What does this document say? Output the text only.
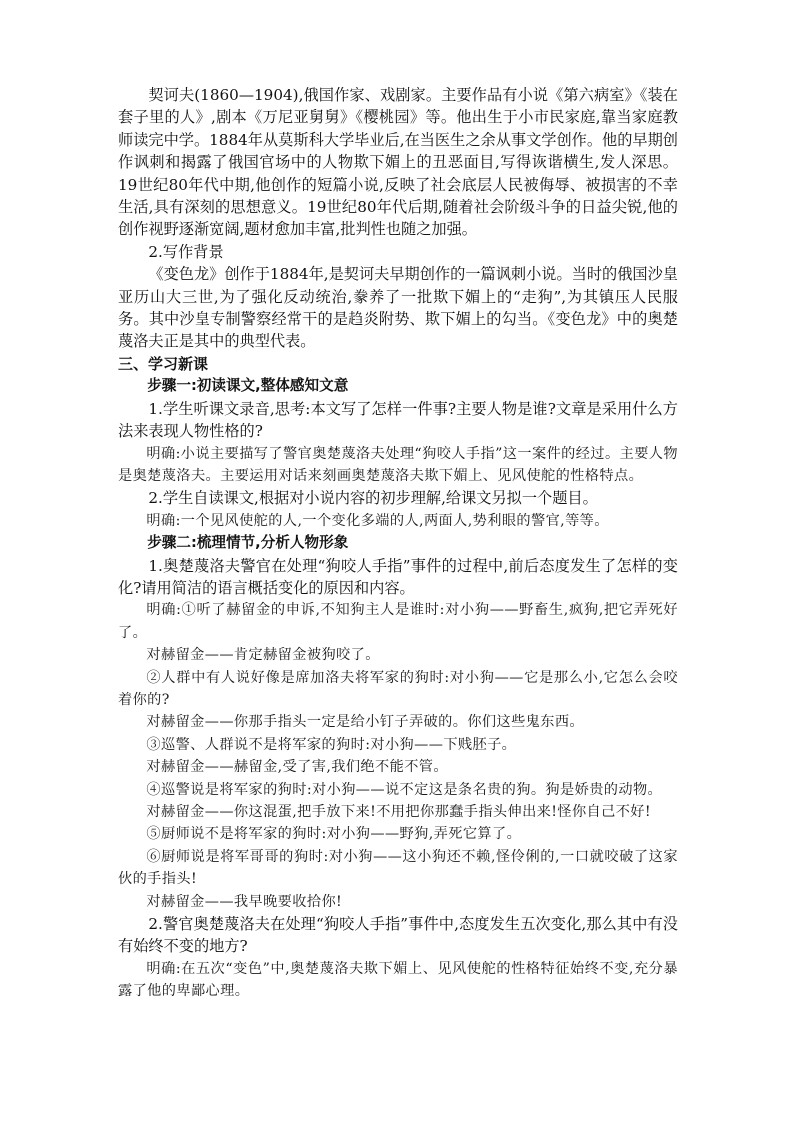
契诃夫(1860—1904),俄国作家、戏剧家。主要作品有小说《第六病室》《装在套子里的人》,剧本《万尼亚舅舅》《樱桃园》等。他出生于小市民家庭,靠当家庭教师读完中学。1884年从莫斯科大学毕业后,在当医生之余从事文学创作。他的早期创作讽刺和揭露了俄国官场中的人物欺下媚上的丑恶面目,写得诙谐横生,发人深思。19世纪80年代中期,他创作的短篇小说,反映了社会底层人民被侮辱、被损害的不幸生活,具有深刻的思想意义。19世纪80年代后期,随着社会阶级斗争的日益尖锐,他的创作视野逐渐宽阔,题材愈加丰富,批判性也随之加强。

2.写作背景

《变色龙》创作于1884年,是契诃夫早期创作的一篇讽刺小说。当时的俄国沙皇亚历山大三世,为了强化反动统治,豢养了一批欺下媚上的“走狗”,为其镇压人民服务。其中沙皇专制警察经常干的是趋炎附势、欺下媚上的勾当。《变色龙》中的奥楚蔑洛夫正是其中的典型代表。

三、学习新课

步骤一:初读课文,整体感知文意

1.学生听课文录音,思考:本文写了怎样一件事?主要人物是谁?文章是采用什么方法来表现人物性格的?

明确:小说主要描写了警官奥楚蔑洛夫处理“狗咬人手指”这一案件的经过。主要人物是奥楚蔑洛夫。主要运用对话来刻画奥楚蔑洛夫欺下媚上、见风使舵的性格特点。

2.学生自读课文,根据对小说内容的初步理解,给课文另拟一个题目。

明确:一个见风使舵的人,一个变化多端的人,两面人,势利眼的警官,等等。

步骤二:梳理情节,分析人物形象

1.奥楚蔑洛夫警官在处理“狗咬人手指”事件的过程中,前后态度发生了怎样的变化?请用简洁的语言概括变化的原因和内容。

明确:①听了赫留金的申诉,不知狗主人是谁时:对小狗——野畜生,疯狗,把它弄死好了。

对赫留金——肯定赫留金被狗咬了。

②人群中有人说好像是席加洛夫将军家的狗时:对小狗——它是那么小,它怎么会咬着你的?

对赫留金——你那手指头一定是给小钉子弄破的。你们这些鬼东西。

③巡警、人群说不是将军家的狗时:对小狗——下贱胚子。

对赫留金——赫留金,受了害,我们绝不能不管。

④巡警说是将军家的狗时:对小狗——说不定这是条名贵的狗。狗是娇贵的动物。

对赫留金——你这混蛋,把手放下来!不用把你那蠢手指头伸出来!怪你自己不好!

⑤厨师说不是将军家的狗时:对小狗——野狗,弄死它算了。

⑥厨师说是将军哥哥的狗时:对小狗——这小狗还不赖,怪伶俐的,一口就咬破了这家伙的手指头!

对赫留金——我早晚要收拾你!

2.警官奥楚蔑洛夫在处理“狗咬人手指”事件中,态度发生五次变化,那么其中有没有始终不变的地方?

明确:在五次“变色”中,奥楚蔑洛夫欺下媚上、见风使舵的性格特征始终不变,充分暴露了他的卑鄙心理。
